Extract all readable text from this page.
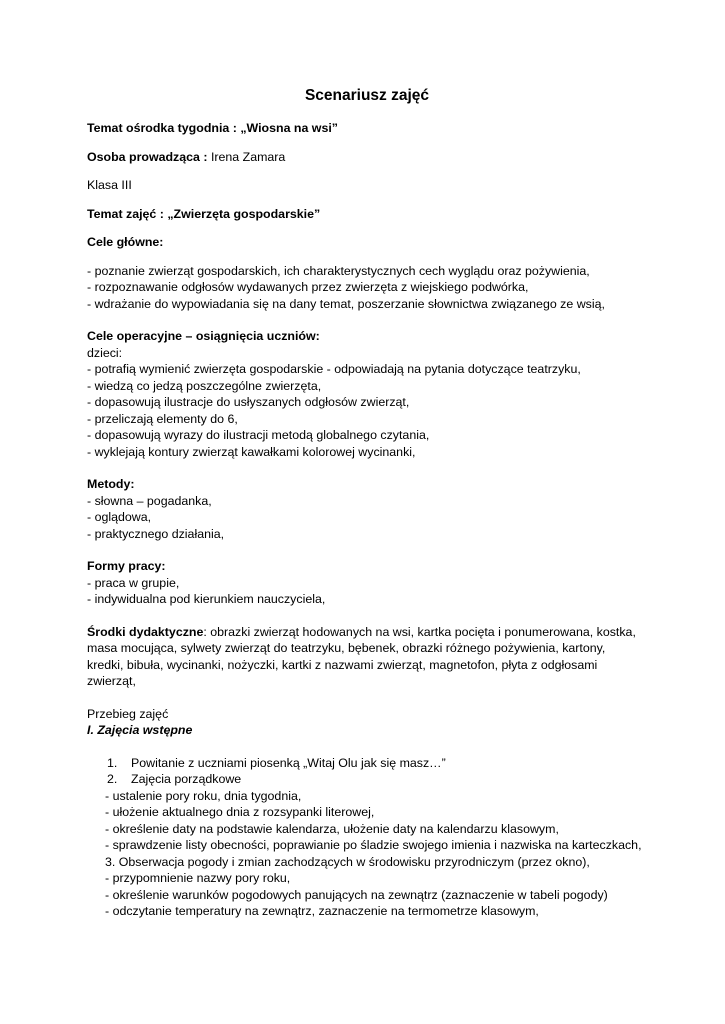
Scenariusz zajęć
Temat ośrodka tygodnia : „Wiosna na wsi”
Osoba prowadząca : Irena Zamara
Klasa III
Temat zajęć : „Zwierzęta gospodarskie”
Cele główne:
- poznanie zwierząt gospodarskich, ich charakterystycznych cech wyglądu oraz pożywienia,
- rozpoznawanie odgłosów wydawanych przez zwierzęta z wiejskiego podwórka,
- wdrażanie do wypowiadania się na dany temat, poszerzanie słownictwa związanego ze wsią,
Cele operacyjne – osiągnięcia uczniów:
dzieci:
- potrafią wymienić zwierzęta gospodarskie - odpowiadają na pytania dotyczące teatrzyku,
- wiedzą co jedzą poszczególne zwierzęta,
- dopasowują ilustracje do usłyszanych odgłosów zwierząt,
- przeliczają elementy do 6,
- dopasowują wyrazy do ilustracji metodą globalnego czytania,
- wyklejają kontury zwierząt kawałkami kolorowej wycinanki,
Metody:
- słowna – pogadanka,
- oglądowa,
- praktycznego działania,
Formy pracy:
- praca w grupie,
- indywidualna pod kierunkiem nauczyciela,
Środki dydaktyczne: obrazki zwierząt hodowanych na wsi, kartka pocięta i ponumerowana, kostka,
masa mocująca, sylwety zwierząt do teatrzyku, bębenek, obrazki różnego pożywienia, kartony,
kredki, bibuła, wycinanki, nożyczki, kartki z nazwami zwierząt, magnetofon, płyta z odgłosami
zwierząt,
Przebieg zajęć
I. Zajęcia wstępne
1.	Powitanie z uczniami piosenką „Witaj Olu jak się masz…”
2.	Zajęcia porządkowe
- ustalenie pory roku, dnia tygodnia,
- ułożenie aktualnego dnia z rozsypanki literowej,
- określenie daty na podstawie kalendarza, ułożenie daty na kalendarzu klasowym,
- sprawdzenie listy obecności, poprawianie po śladzie swojego imienia i nazwiska na karteczkach,
3. Obserwacja pogody i zmian zachodzących w środowisku przyrodniczym (przez okno),
- przypomnienie nazwy pory roku,
- określenie warunków pogodowych panujących na zewnątrz (zaznaczenie w tabeli pogody)
- odczytanie temperatury na zewnątrz, zaznaczenie na termometrze klasowym,
